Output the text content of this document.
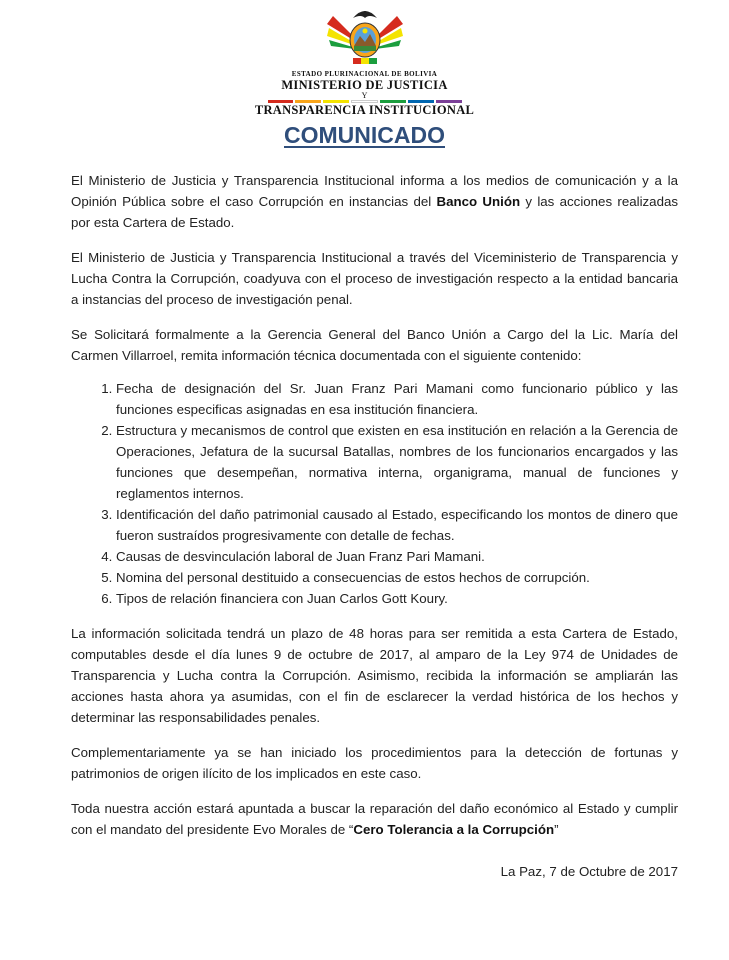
ESTADO PLURINACIONAL DE BOLIVIA
MINISTERIO DE JUSTICIA
Y
TRANSPARENCIA INSTITUCIONAL
COMUNICADO

El Ministerio de Justicia y Transparencia Institucional informa a los medios de comunicación y a la Opinión Pública sobre el caso Corrupción en instancias del Banco Unión y las acciones realizadas por esta Cartera de Estado.

El Ministerio de Justicia y Transparencia Institucional a través del Viceministerio de Transparencia y Lucha Contra la Corrupción, coadyuva con el proceso de investigación respecto a la entidad bancaria a instancias del proceso de investigación penal.

Se Solicitará formalmente a la Gerencia General del Banco Unión a Cargo del la Lic. María del Carmen Villarroel, remita información técnica documentada con el siguiente contenido:

1. Fecha de designación del Sr. Juan Franz Pari Mamani como funcionario público y las funciones especificas asignadas en esa institución financiera.
2. Estructura y mecanismos de control que existen en esa institución en relación a la Gerencia de Operaciones, Jefatura de la sucursal Batallas, nombres de los funcionarios encargados y las funciones que desempeñan, normativa interna, organigrama, manual de funciones y reglamentos internos.
3. Identificación del daño patrimonial causado al Estado, especificando los montos de dinero que fueron sustraídos progresivamente con detalle de fechas.
4. Causas de desvinculación laboral de Juan Franz Pari Mamani.
5. Nomina del personal destituido a consecuencias de estos hechos de corrupción.
6. Tipos de relación financiera con Juan Carlos Gott Koury.

La información solicitada tendrá un plazo de 48 horas para ser remitida a esta Cartera de Estado, computables desde el día lunes 9 de octubre de 2017, al amparo de la Ley 974 de Unidades de Transparencia y Lucha contra la Corrupción. Asimismo, recibida la información se ampliarán las acciones hasta ahora ya asumidas, con el fin de esclarecer la verdad histórica de los hechos y determinar las responsabilidades penales.

Complementariamente ya se han iniciado los procedimientos para la detección de fortunas y patrimonios de origen ilícito de los implicados en este caso.

Toda nuestra acción estará apuntada a buscar la reparación del daño económico al Estado y cumplir con el mandato del presidente Evo Morales de “Cero Tolerancia a la Corrupción”

La Paz, 7 de Octubre de 2017
